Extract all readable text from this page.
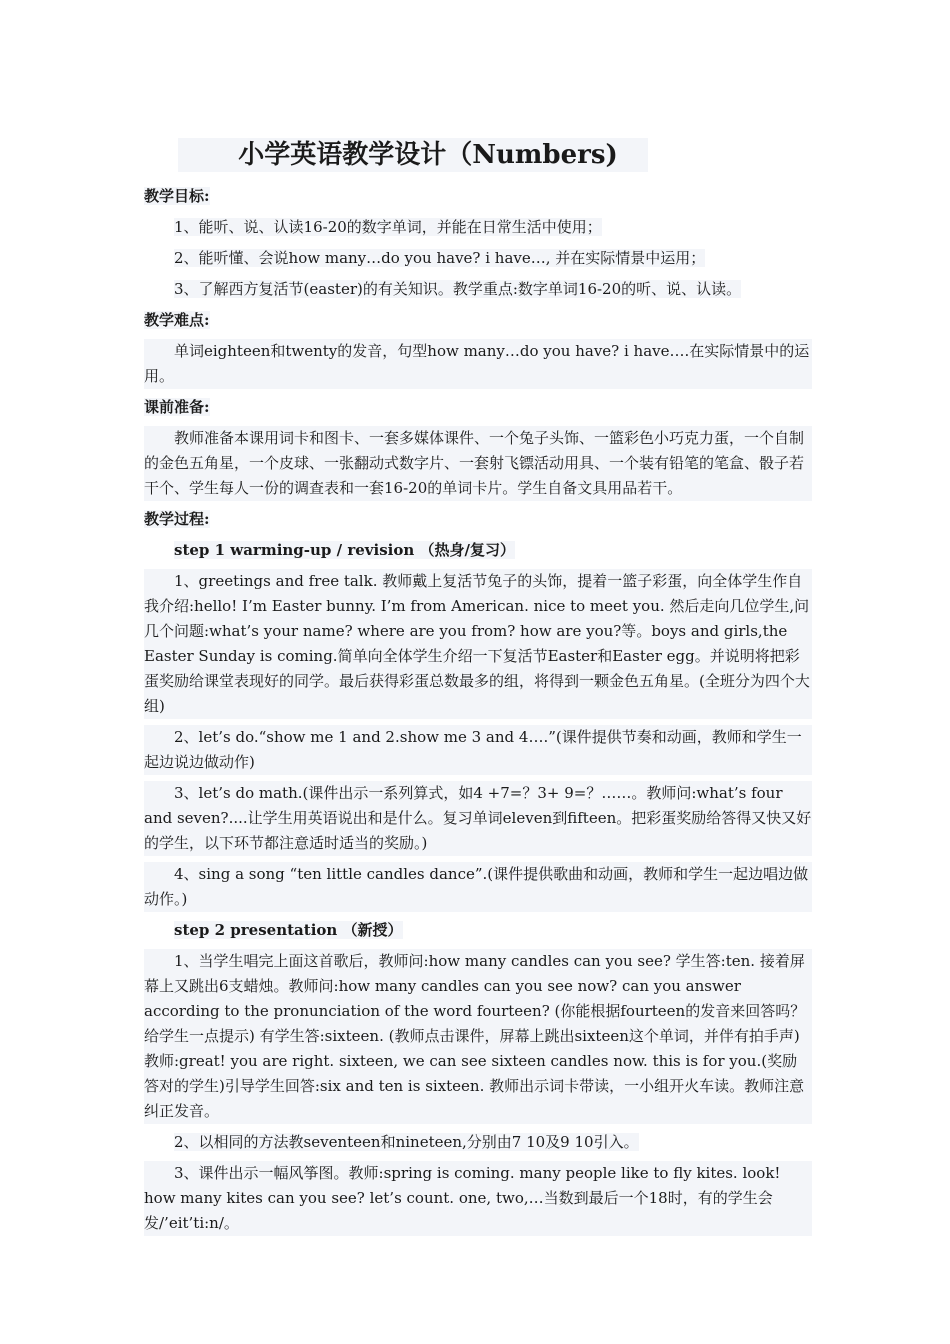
小学英语教学设计（Numbers)
教学目标:
1、能听、说、认读16-20的数字单词，并能在日常生活中使用；
2、能听懂、会说how many…do you have? i have…, 并在实际情景中运用；
3、了解西方复活节(easter)的有关知识。教学重点:数字单词16-20的听、说、认读。
教学难点:
单词eighteen和twenty的发音，句型how many…do you have? i have….在实际情景中的运用。
课前准备:
教师准备本课用词卡和图卡、一套多媒体课件、一个兔子头饰、一篮彩色小巧克力蛋，一个自制的金色五角星，一个皮球、一张翻动式数字片、一套射飞镖活动用具、一个装有铅笔的笔盒、骰子若干个、学生每人一份的调查表和一套16-20的单词卡片。学生自备文具用品若干。
教学过程:
step 1 warming-up / revision （热身/复习）
1、greetings and free talk. 教师戴上复活节兔子的头饰，提着一篮子彩蛋，向全体学生作自我介绍:hello! I’m Easter bunny. I’m from American. nice to meet you. 然后走向几位学生,问几个问题:what’s your name? where are you from? how are you?等。boys and girls,the Easter Sunday is coming.简单向全体学生介绍一下复活节Easter和Easter egg。并说明将把彩蛋奖励给课堂表现好的同学。最后获得彩蛋总数最多的组，将得到一颗金色五角星。(全班分为四个大组)
2、let’s do.“show me 1 and 2.show me 3 and 4….”(课件提供节奏和动画，教师和学生一起边说边做动作)
3、let’s do math.(课件出示一系列算式，如4 +7=？3+ 9=？……。教师问:what’s four and seven?....让学生用英语说出和是什么。复习单词eleven到fifteen。把彩蛋奖励给答得又快又好的学生，以下环节都注意适时适当的奖励。)
4、sing a song “ten little candles dance”.(课件提供歌曲和动画，教师和学生一起边唱边做动作。)
step 2 presentation （新授）
1、当学生唱完上面这首歌后，教师问:how many candles can you see? 学生答:ten. 接着屏幕上又跳出6支蜡烛。教师问:how many candles can you see now? can you answer according to the pronunciation of the word fourteen? (你能根据fourteen的发音来回答吗？给学生一点提示) 有学生答:sixteen. (教师点击课件，屏幕上跳出sixteen这个单词，并伴有拍手声) 教师:great! you are right. sixteen, we can see sixteen candles now. this is for you.(奖励答对的学生)引导学生回答:six and ten is sixteen. 教师出示词卡带读，一小组开火车读。教师注意纠正发音。
2、以相同的方法教seventeen和nineteen,分别由7 10及9 10引入。
3、课件出示一幅风筝图。教师:spring is coming. many people like to fly kites. look! how many kites can you see? let’s count. one, two,…当数到最后一个18时，有的学生会发/’eit’ti:n/。
